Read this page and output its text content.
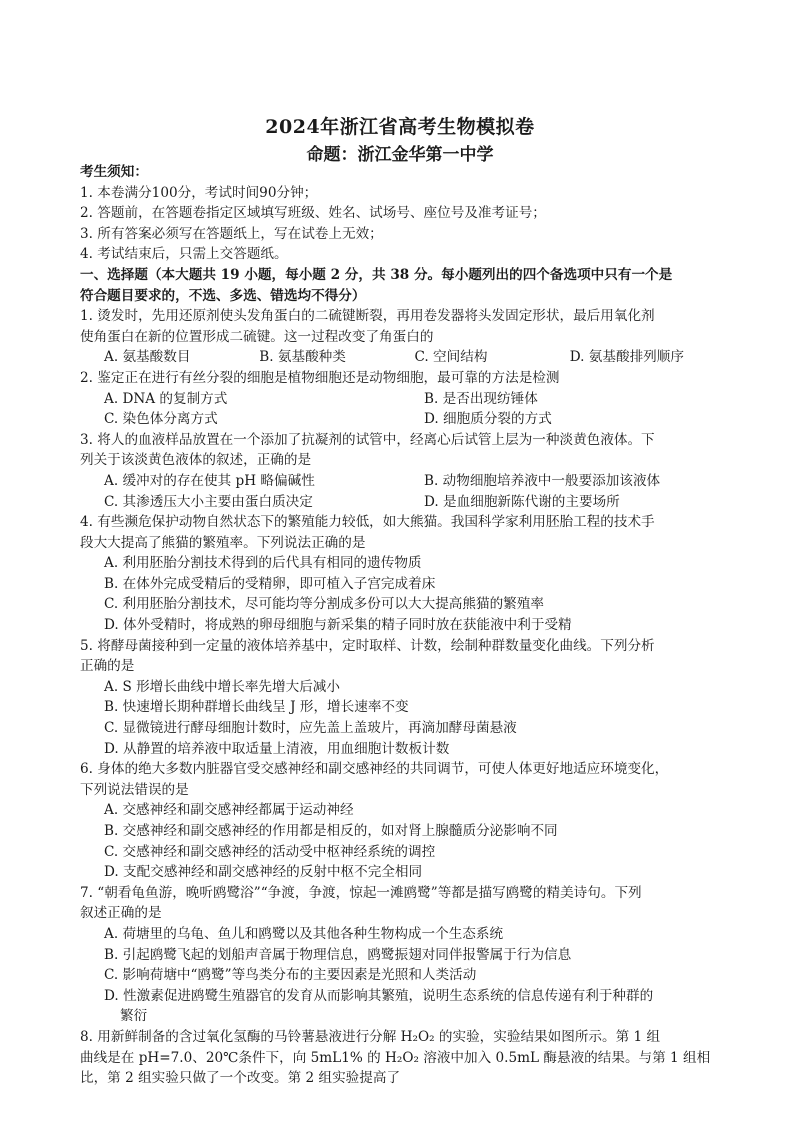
2024年浙江省高考生物模拟卷
命题：浙江金华第一中学

考生须知：

1. 本卷满分100分，考试时间90分钟；

2. 答题前，在答题卷指定区域填写班级、姓名、试场号、座位号及准考证号；

3. 所有答案必须写在答题纸上，写在试卷上无效；

4. 考试结束后，只需上交答题纸。

一、选择题（本大题共 19 小题，每小题 2 分，共 38 分。每小题列出的四个备选项中只有一个是

符合题目要求的，不选、多选、错选均不得分）

1. 烫发时，先用还原剂使头发角蛋白的二硫键断裂，再用卷发器将头发固定形状，最后用氧化剂

使角蛋白在新的位置形成二硫键。这一过程改变了角蛋白的

A. 氨基酸数目	B. 氨基酸种类	C. 空间结构	D. 氨基酸排列顺序

2. 鉴定正在进行有丝分裂的细胞是植物细胞还是动物细胞，最可靠的方法是检测

A. DNA 的复制方式	B. 是否出现纺锤体
C. 染色体分离方式	D. 细胞质分裂的方式

3. 将人的血液样品放置在一个添加了抗凝剂的试管中，经离心后试管上层为一种淡黄色液体。下

列关于该淡黄色液体的叙述，正确的是

A. 缓冲对的存在使其 pH 略偏碱性	B. 动物细胞培养液中一般要添加该液体
C. 其渗透压大小主要由蛋白质决定	D. 是血细胞新陈代谢的主要场所

4. 有些濒危保护动物自然状态下的繁殖能力较低，如大熊猫。我国科学家利用胚胎工程的技术手

段大大提高了熊猫的繁殖率。下列说法正确的是

A. 利用胚胎分割技术得到的后代具有相同的遗传物质

B. 在体外完成受精后的受精卵，即可植入子宫完成着床

C. 利用胚胎分割技术，尽可能均等分割成多份可以大大提高熊猫的繁殖率

D. 体外受精时，将成熟的卵母细胞与新采集的精子同时放在获能液中利于受精

5. 将酵母菌接种到一定量的液体培养基中，定时取样、计数，绘制种群数量变化曲线。下列分析

正确的是

A. S 形增长曲线中增长率先增大后减小

B. 快速增长期种群增长曲线呈 J 形，增长速率不变

C. 显微镜进行酵母细胞计数时，应先盖上盖玻片，再滴加酵母菌悬液

D. 从静置的培养液中取适量上清液，用血细胞计数板计数

6. 身体的绝大多数内脏器官受交感神经和副交感神经的共同调节，可使人体更好地适应环境变化，

下列说法错误的是

A. 交感神经和副交感神经都属于运动神经

B. 交感神经和副交感神经的作用都是相反的，如对肾上腺髓质分泌影响不同

C. 交感神经和副交感神经的活动受中枢神经系统的调控

D. 支配交感神经和副交感神经的反射中枢不完全相同

7. “朝看龟鱼游，晚听鸥鹭浴”“争渡，争渡，惊起一滩鸥鹭”等都是描写鸥鹭的精美诗句。下列

叙述正确的是

A. 荷塘里的乌龟、鱼儿和鸥鹭以及其他各种生物构成一个生态系统

B. 引起鸥鹭飞起的划船声音属于物理信息，鸥鹭振翅对同伴报警属于行为信息

C. 影响荷塘中“鸥鹭”等鸟类分布的主要因素是光照和人类活动

D. 性激素促进鸥鹭生殖器官的发育从而影响其繁殖，说明生态系统的信息传递有利于种群的

繁衍

8. 用新鲜制备的含过氧化氢酶的马铃薯悬液进行分解 H₂O₂ 的实验，实验结果如图所示。第 1 组

曲线是在 pH=7.0、20℃条件下，向 5mL1% 的 H₂O₂ 溶液中加入 0.5mL 酶悬液的结果。与第 1 组相

比，第 2 组实验只做了一个改变。第 2 组实验提高了
